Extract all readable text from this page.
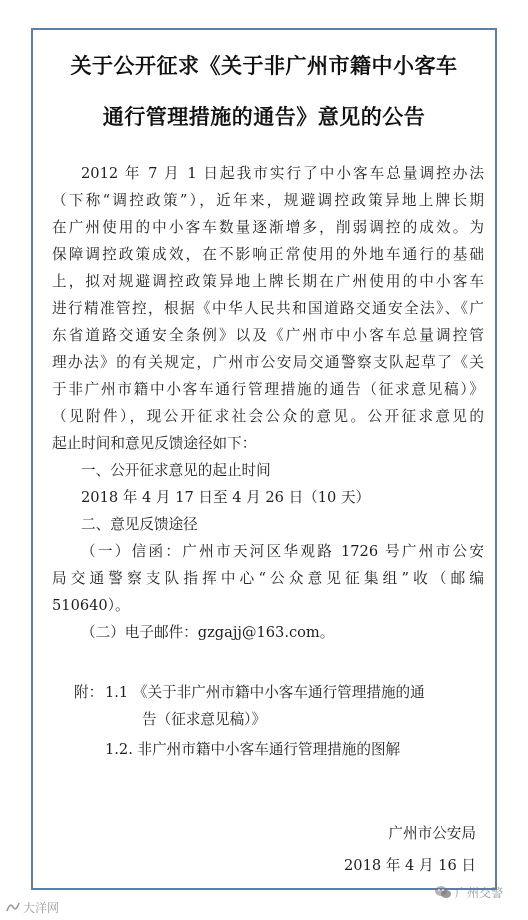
关于公开征求《关于非广州市籍中小客车
通行管理措施的通告》意见的公告
2012 年 7 月 1 日起我市实行了中小客车总量调控办法
（下称“调控政策”），近年来，规避调控政策异地上牌长期
在广州使用的中小客车数量逐渐增多，削弱调控的成效。为
保障调控政策成效，在不影响正常使用的外地车通行的基础
上，拟对规避调控政策异地上牌长期在广州使用的中小客车
进行精准管控，根据《中华人民共和国道路交通安全法》、《广
东省道路交通安全条例》以及《广州市中小客车总量调控管
理办法》的有关规定，广州市公安局交通警察支队起草了《关
于非广州市籍中小客车通行管理措施的通告（征求意见稿）》
（见附件），现公开征求社会公众的意见。公开征求意见的
起止时间和意见反馈途径如下：
一、公开征求意见的起止时间
2018 年 4 月 17 日至 4 月 26 日（10 天）
二、意见反馈途径
（一）信函：广州市天河区华观路 1726 号广州市公安
局交通警察支队指挥中心“公众意见征集组”收（邮编
510640）。
（二）电子邮件：gzgajj@163.com。
附： 1.1 《关于非广州市籍中小客车通行管理措施的通
告（征求意见稿）》
1.2. 非广州市籍中小客车通行管理措施的图解
广州市公安局
2018 年 4 月 16 日
大洋网
广州交警
